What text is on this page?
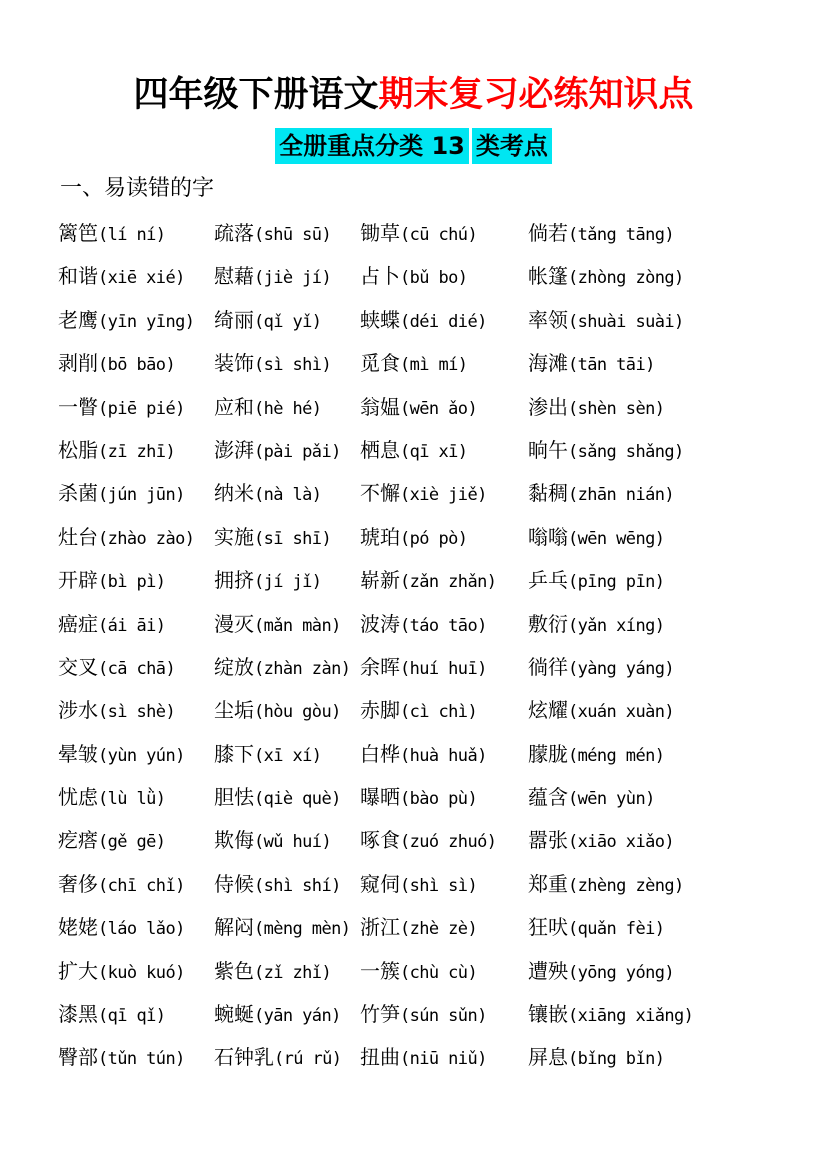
四年级下册语文期末复习必练知识点
全册重点分类 13 类考点
一、易读错的字
篱笆(lí ní) 疏落(shū sū) 锄草(cū chú)	倘若(tǎng tāng)
和谐(xiē xié) 慰藉(jiè jí) 占卜(bǔ bo)	帐篷(zhòng zòng)
老鹰(yīn yīng) 绮丽(qǐ yǐ) 蛱蝶(déi dié) 率领(shuài suài)
剥削(bō bāo) 装饰(sì shì) 觅食(mì mí)	海滩(tān tāi)
一瞥(piē pié) 应和(hè hé) 翁媪(wēn ǎo)	渗出(shèn sèn)
松脂(zī zhī) 澎湃(pài pǎi) 栖息(qī xī)	晌午(sǎng shǎng)
杀菌(jún jūn) 纳米(nà là) 不懈(xiè jiě) 黏稠(zhān nián)
灶台(zhào zào) 实施(sī shī) 琥珀(pó pò)	嗡嗡(wēn wēng)
开辟(bì pì) 拥挤(jí jǐ) 崭新(zǎn zhǎn) 乒乓(pīng pīn)
癌症(ái āi) 漫灭(mǎn màn) 波涛(táo tāo) 敷衍(yǎn xíng)
交叉(cā chā) 绽放(zhàn zàn) 余晖(huí huī) 徜徉(yàng yáng)
涉水(sì shè) 尘垢(hòu gòu) 赤脚(cì chì)	炫耀(xuán xuàn)
晕皱(yùn yún) 膝下(xī xí) 白桦(huà huǎ) 朦胧(méng mén)
忧虑(lù lǜ) 胆怯(qiè què) 曝晒(bào pù)	蕴含(wēn yùn)
疙瘩(gě gē) 欺侮(wǔ huí) 啄食(zuó zhuó) 嚣张(xiāo xiǎo)
奢侈(chī chǐ) 侍候(shì shí) 窥伺(shì sì)	郑重(zhèng zèng)
姥姥(láo lǎo) 解闷(mèng mèn) 浙江(zhè zè)	狂吠(quǎn fèi)
扩大(kuò kuó) 紫色(zǐ zhǐ) 一簇(chù cù)	遭殃(yōng yóng)
漆黑(qī qǐ) 蜿蜒(yān yán) 竹笋(sún sǔn) 镶嵌(xiāng xiǎng)
臀部(tǔn tún) 石钟乳(rú rǔ) 扭曲(niū niǔ) 屏息(bǐng bǐn)
